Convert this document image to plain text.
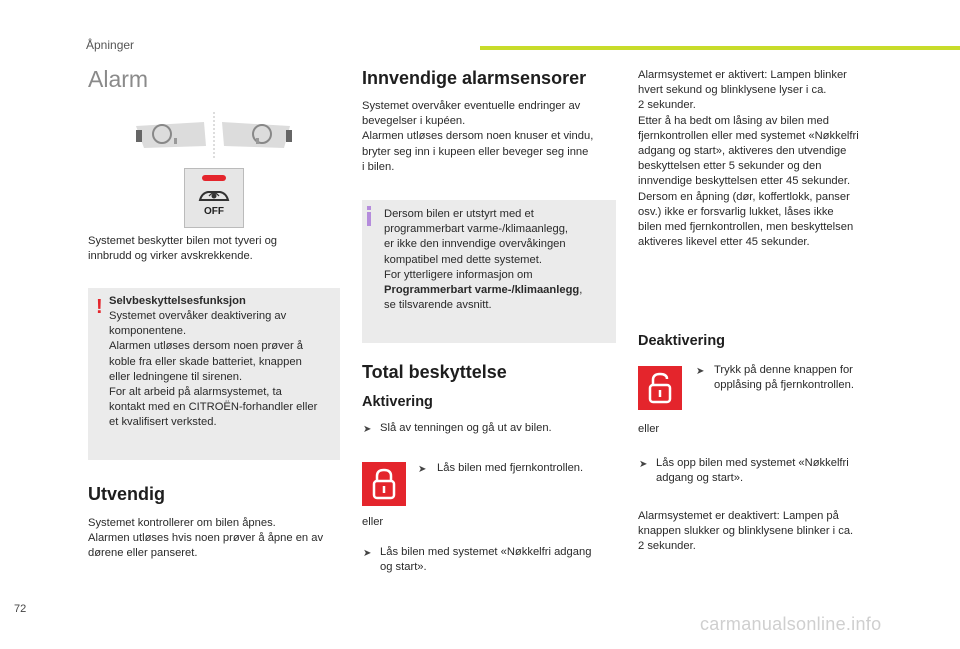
Åpninger
Alarm
OFF

Systemet beskytter bilen mot tyveri og
innbrudd og virker avskrekkende.

! Selvbeskyttelsesfunksjon

Systemet overvåker deaktivering av
komponentene.
Alarmen utløses dersom noen prøver å
koble fra eller skade batteriet, knappen
eller ledningene til sirenen.
For alt arbeid på alarmsystemet, ta
kontakt med en CITROËN-forhandler eller
et kvalifisert verksted.

Utvendig

Systemet kontrollerer om bilen åpnes.
Alarmen utløses hvis noen prøver å åpne en av
dørene eller panseret.

Innvendige alarmsensorer

Systemet overvåker eventuelle endringer av
bevegelser i kupéen.
Alarmen utløses dersom noen knuser et vindu,
bryter seg inn i kupeen eller beveger seg inne
i bilen.

Dersom bilen er utstyrt med et
programmerbart varme-/klimaanlegg,
er ikke den innvendige overvåkingen
kompatibel med dette systemet.
For ytterligere informasjon om
Programmerbart varme-/klimaanlegg,
se tilsvarende avsnitt.

Total beskyttelse
Aktivering
➤ Slå av tenningen og gå ut av bilen.

➤ Lås bilen med fjernkontrollen.

eller

➤ Lås bilen med systemet «Nøkkelfri adgang
og start».

Alarmsystemet er aktivert: Lampen blinker
hvert sekund og blinklysene lyser i ca.
2 sekunder.
Etter å ha bedt om låsing av bilen med
fjernkontrollen eller med systemet «Nøkkelfri
adgang og start», aktiveres den utvendige
beskyttelsen etter 5 sekunder og den
innvendige beskyttelsen etter 45 sekunder.
Dersom en åpning (dør, koffertlokk, panser
osv.) ikke er forsvarlig lukket, låses ikke
bilen med fjernkontrollen, men beskyttelsen
aktiveres likevel etter 45 sekunder.

Deaktivering
➤ Trykk på denne knappen for
opplåsing på fjernkontrollen.

eller

➤ Lås opp bilen med systemet «Nøkkelfri
adgang og start».

Alarmsystemet er deaktivert: Lampen på
knappen slukker og blinklysene blinker i ca.
2 sekunder.

72
carmanualsonline.info
